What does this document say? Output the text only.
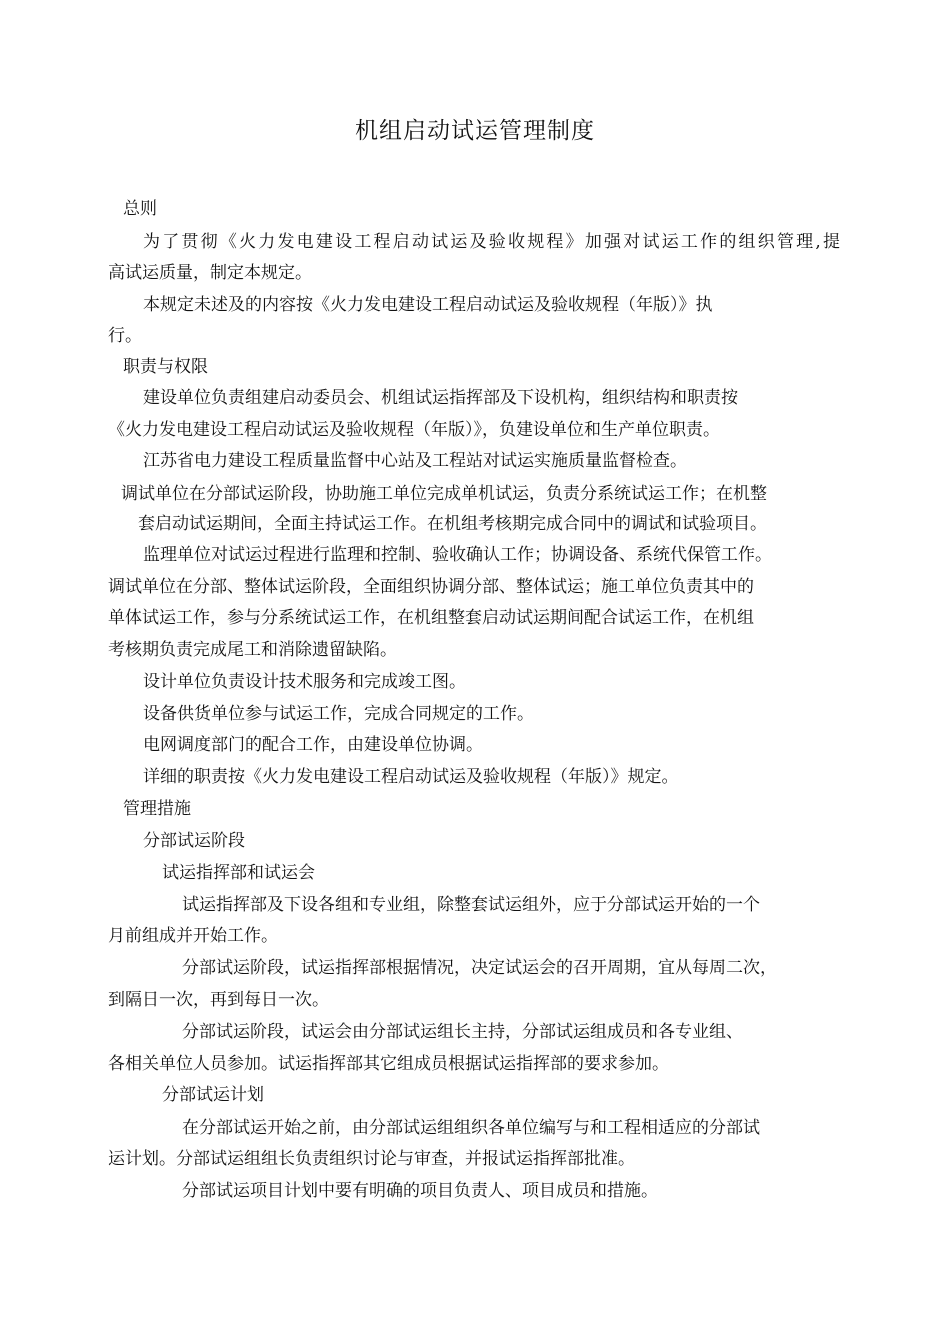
机组启动试运管理制度
总则
为了贯彻《火力发电建设工程启动试运及验收规程》加强对试运工作的组织管理,提
高试运质量，制定本规定。
本规定未述及的内容按《火力发电建设工程启动试运及验收规程（年版）》执
行。
职责与权限
建设单位负责组建启动委员会、机组试运指挥部及下设机构，组织结构和职责按
《火力发电建设工程启动试运及验收规程（年版）》，负建设单位和生产单位职责。
江苏省电力建设工程质量监督中心站及工程站对试运实施质量监督检查。
调试单位在分部试运阶段，协助施工单位完成单机试运，负责分系统试运工作；在机整
套启动试运期间，全面主持试运工作。在机组考核期完成合同中的调试和试验项目。
监理单位对试运过程进行监理和控制、验收确认工作；协调设备、系统代保管工作。
调试单位在分部、整体试运阶段，全面组织协调分部、整体试运；施工单位负责其中的
单体试运工作，参与分系统试运工作，在机组整套启动试运期间配合试运工作，在机组
考核期负责完成尾工和消除遗留缺陷。
设计单位负责设计技术服务和完成竣工图。
设备供货单位参与试运工作，完成合同规定的工作。
电网调度部门的配合工作，由建设单位协调。
详细的职责按《火力发电建设工程启动试运及验收规程（年版）》规定。
管理措施
分部试运阶段
试运指挥部和试运会
试运指挥部及下设各组和专业组，除整套试运组外，应于分部试运开始的一个
月前组成并开始工作。
分部试运阶段，试运指挥部根据情况，决定试运会的召开周期，宜从每周二次，
到隔日一次，再到每日一次。
分部试运阶段，试运会由分部试运组长主持，分部试运组成员和各专业组、
各相关单位人员参加。试运指挥部其它组成员根据试运指挥部的要求参加。
分部试运计划
在分部试运开始之前，由分部试运组组织各单位编写与和工程相适应的分部试
运计划。分部试运组组长负责组织讨论与审查，并报试运指挥部批准。
分部试运项目计划中要有明确的项目负责人、项目成员和措施。
